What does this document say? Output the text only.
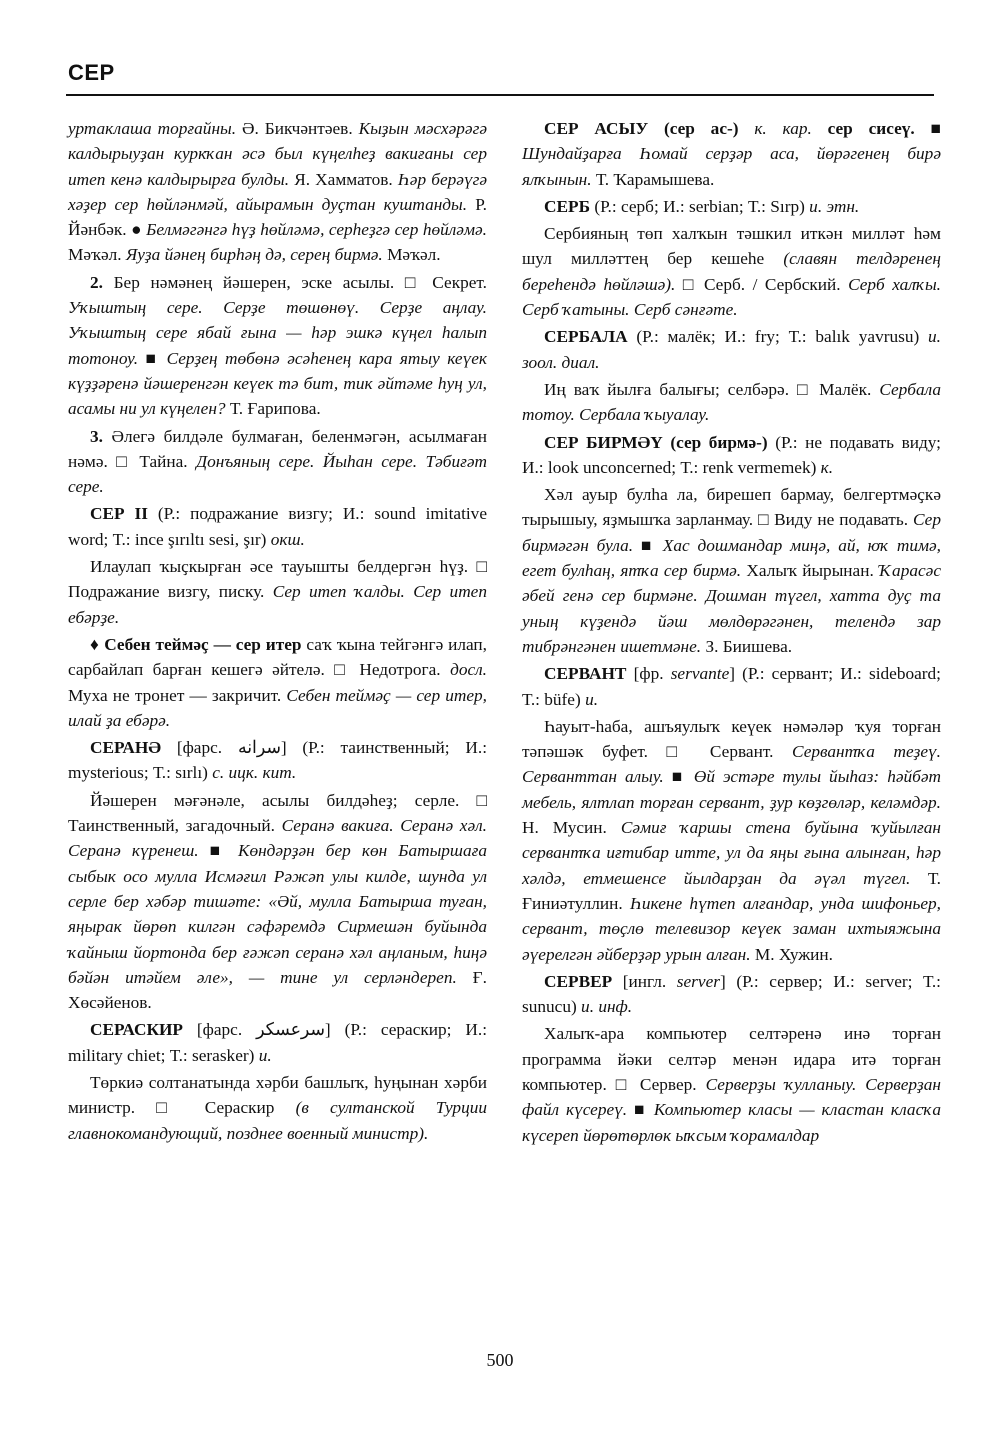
СЕР

уртаклаша торғайны. Ә. Бикчәнтәев. Кыҙын мәсхәрәгә калдырыуҙан куркҡан әсә был күңелһеҙ вакиғаны сер итеп кенә калдырырға булды. Я. Хамматов. Һәр берәүгә хәҙер сер һөйләнмәй, айырамын дуҫтан куштанды. Р. Йәнбәк. ● Белмәгәнгә һүҙ һөйләмә, серһеҙгә сер һөйләмә. Мәҡәл. Яуҙа йәнең бирһәң дә, сереӊ бирмә. Мәҡәл.

2. Бер нәмәнең йәшерен, эске асылы. □ Секрет. Уҡыштың сере. Серҙе төшөнөү. Серҙе аңлау. Уҡыштың сере ябай ғына — һәр эшкә күңел һалып тотоноу. ■ Серҙең төбөнә әсәһенең кара ятыу кеүек күҙҙәренә йәшеренгән кеүек тә бит, тик әйтәме һуң ул, асамы ни ул күңелен? Т. Ғарипова.

3. Әлегә билдәле булмаған, беленмәгән, асылмаған нәмә. □ Тайна. Донъяның сере. Йыһан сере. Тәбиғәт сере.

СЕР II (Р.: подражание визгу; И.: sound imitative word; Т.: ince şırıltı sesi, şır) окш.

Илаулап ҡыҫкырған әсе тауышты белдергән һүҙ. □ Подражание визгу, писку. Сер итеп ҡалды. Сер итеп ебәрҙе.

♦ Себен теймәҫ — сер итер саҡ ҡына тейгәнгә илап, сарбайлап барған кешегә әйтелә. □ Недотрога. досл. Муха не тронет — закричит. Себен теймәҫ — сер итер, илай ҙа ебәрә.

СЕРАНӘ [фарс. سرانه] (Р.: таинственный; И.: mysterious; Т.: sırlı) с. ицк. кит.

Йәшерен мәғәнәле, асылы билдәһеҙ; серле. □ Таинственный, загадочный. Серанә вакиға. Серанә хәл. Серанә күренеш. ■ Көндәрҙән бер көн Батыршаға сыбык осо мулла Исмәғил Рәжәп улы килде, шунда ул серле бер хәбәр тишәте: «Әй, мулла Батырша туған, яңырак йөрөп килгән сәфәремдә Сирмешән буйында ҡайныш йортонда бер ғәжәп серанә хәл аңланым, һиңә бәйән итәйем әле», — тине ул серләндереп. Ғ. Хөсәйенов.

СЕРАСКИР [фарс. سرعسکر] (Р.: сераскир; И.: military chiet; Т.: serasker) и.

Төркиә солтанатында хәрби башлыҡ, һуңынан хәрби министр. □ Сераскир (в султанской Турции главнокомандующий, позднее военный министр).

СЕР АСЫУ (сер ас-) к. кар. сер сисеү. ■ Шундайҙарға Һомай серҙәр аса, йөрәгенең бирә ялҡынын. Т. Ҡарамышева.

СЕРБ (Р.: серб; И.: serbian; Т.: Sırp) и. этн.

Сербияның төп халҡын тәшкил иткән милләт һәм шул милләттең бер кешеһе (славян телдәренең береһендә һөйләшә). □ Серб. / Сербский. Серб халҡы. Серб ҡатыны. Серб сәнғәте.

СЕРБАЛА (Р.: малёк; И.: fry; Т.: balık yavrusu) и. зоол. диал.

Иң ваҡ йылға балығы; селбәрә. □ Малёк. Сербала тотоу. Сербала ҡыуалау.

СЕР БИРМӘҮ (сер бирмә-) (Р.: не подавать виду; И.: look unconcerned; Т.: renk vermemek) к.

Хәл ауыр булһа ла, бирешеп бармау, белгертмәҫкә тырышыу, яҙмышҡа зарланмау. □ Виду не подавать. Сер бирмәгән була. ■ Хас дошмандар миңә, ай, юҡ тимә, егет булһаң, ятҡа сер бирмә. Халыҡ йырынан. Ҡарасәс әбей генә сер бирмәне. Дошман түгел, хатта дуҫ та уның күҙендә йәш мөлдөрәгәнен, телендә зар тибрәнгәнен ишетмәне. З. Биишева.

СЕРВАНТ [фр. servante] (Р.: сервант; И.: sideboard; Т.: büfe) и.

Һауыт-һаба, ашъяулыҡ кеүек нәмәләр ҡуя торған тәпәшәк буфет. □ Сервант. Сервантҡа теҙеү. Серванттан алыу. ■ Өй эстәре тулы йыһаз: һәйбәт мебель, ялтлап торған сервант, ҙур көҙгөләр, келәмдәр. Н. Мусин. Сәмиғ ҡаршы стена буйына ҡуйылған сервантҡа иғтибар итте, ул да яңы ғына алынған, һәр хәлдә, етмешенсе йылдарҙан да әүәл түгел. Т. Ғиниәтуллин. Һикене һүтеп алғандар, унда шифоньер, сервант, төҫлө телевизор кеүек заман ихтыяжына әүерелгән әйберҙәр урын алған. М. Хужин.

СЕРВЕР [ингл. server] (Р.: сервер; И.: server; Т.: sunucu) и. инф.

Халыҡ-ара компьютер селтәренә инә торған программа йәки селтәр менән идара итә торған компьютер. □ Сервер. Серверҙы ҡулланыу. Серверҙан файл күсереү. ■ Компьютер класы — кластан класҡа күсереп йөрөтөрлөк ыҡсым ҡорамалдар

500
